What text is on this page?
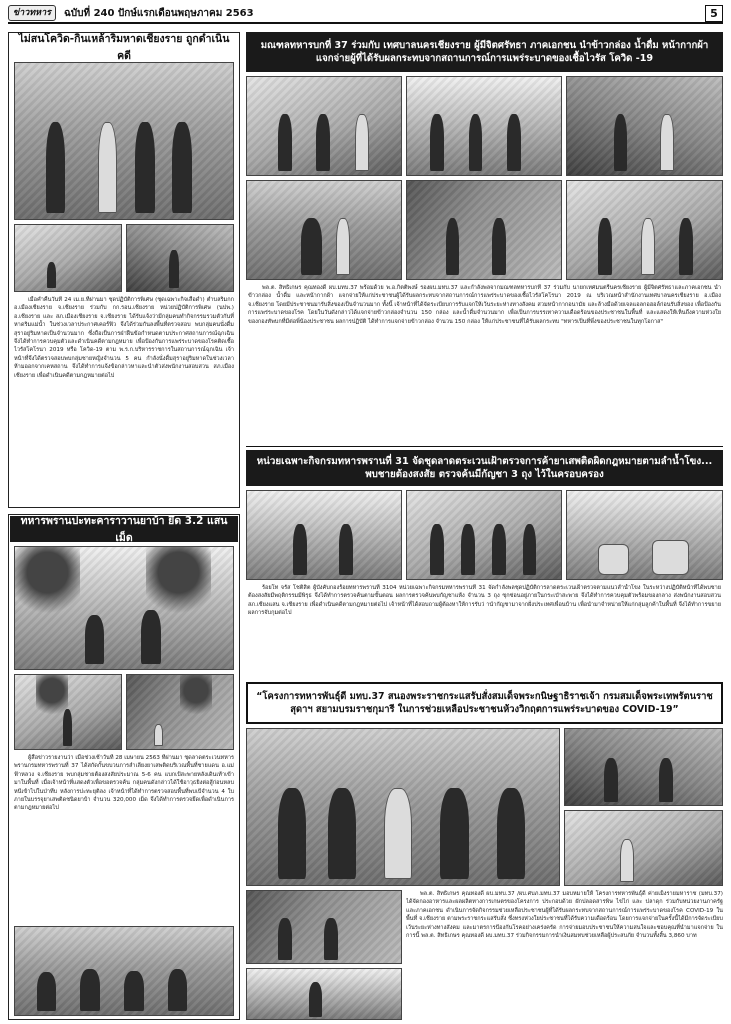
ข่าวทหาร	ฉบับที่ 240 ปักษ์แรกเดือนพฤษภาคม 2563	5
ไม่สนโควิด-กินเหล้าริมหาดเชียงราย ถูกดำเนินคดี

เมื่อคำคืนวันที่ 24 เม.ย.ที่ผ่านมา ชุดปฏิบัติการพิเศษ (ชุดเฉพาะกิจเสือดำ) ตำบลริมกก อ.เมืองเชียงราย จ.เชียงราย ร่วมกับ กก.รอน.เชียงราย หน่วยปฏิบัติการพิเศษ (นปพ.) อ.เชียงราย และ สภ.เมืองเชียงราย จ.เชียงราย ได้รับแจ้งว่ามีกลุ่มคนทำกิจกรรมรวมตัวกันที่หาดริมแม่น้ำ ในช่วงเวลาประกาศเคอร์ฟิว จึงได้ร่วมกันลงพื้นที่ตรวจสอบ พบกลุ่มคนนั่งดื่มสุราอยู่ริมหาดเป็นจำนวนมาก ซึ่งถือเป็นการฝ่าฝืนข้อกำหนดตามประกาศสถานการณ์ฉุกเฉิน จึงได้ทำการควบคุมตัวและดำเนินคดีตามกฎหมาย เพื่อป้องกันการแพร่ระบาดของโรคติดเชื้อไวรัสโคโรนา 2019 หรือ โควิด-19 ตาม พ.ร.ก.บริหารราชการในสถานการณ์ฉุกเฉิน เจ้าหน้าที่จึงได้ตรวจสอบพบกลุ่มชายหญิงจำนวน 5 คน กำลังนั่งดื่มสุราอยู่ริมหาดในช่วงเวลาห้ามออกจากเคหสถาน จึงได้ทำการแจ้งข้อกล่าวหาและนำตัวส่งพนักงานสอบสวน สภ.เมืองเชียงราย เพื่อดำเนินคดีตามกฎหมายต่อไป

ทหารพรานปะทะคาราวานยาบ้า ยึด 3.2 แสนเม็ด

ผู้สื่อข่าวรายงานว่า เมื่อช่วงเช้าวันที่ 28 เมษายน 2563 ที่ผ่านมา ชุดลาดตระเวนทหารพรานกรมทหารพรานที่ 37 ได้สกัดกั้นขบวนการลำเลียงยาเสพติดบริเวณพื้นที่ชายแดน อ.แม่ฟ้าหลวง จ.เชียงราย พบกลุ่มชายต้องสงสัยประมาณ 5-6 คน แบกเป้สะพายหลังเดินเท้าเข้ามาในพื้นที่ เมื่อเจ้าหน้าที่แสดงตัวเพื่อขอตรวจค้น กลุ่มคนดังกล่าวได้ใช้อาวุธยิงต่อสู้ก่อนหลบหนีเข้าไปในป่าทึบ หลังการปะทะยุติลง เจ้าหน้าที่ได้ทำการตรวจสอบพื้นที่พบเป้จำนวน 4 ใบ ภายในบรรจุยาเสพติดชนิดยาบ้า จำนวน 320,000 เม็ด จึงได้ทำการตรวจยึดเพื่อดำเนินการตามกฎหมายต่อไป

มณฑลทหารบกที่ 37 ร่วมกับ เทศบาลนครเชียงราย ผู้มีจิตศรัทธา ภาคเอกชน นำข้าวกล่อง น้ำดื่ม หน้ากากผ้า แจกจ่ายผู้ที่ได้รับผลกระทบจากสถานการณ์การแพร่ระบาดของเชื้อไวรัส โควิด -19

พล.ต. สิทธิเกษร คุณทองดี ผบ.มทบ.37 พร้อมด้วย พ.อ.กิตติพงษ์ รองผบ.มทบ.37 และกำลังพลจากมณฑลทหารบกที่ 37 ร่วมกับ นายกเทศมนตรีนครเชียงราย ผู้มีจิตศรัทธาและภาคเอกชน นำข้าวกล่อง น้ำดื่ม และหน้ากากผ้า แจกจ่ายให้แก่ประชาชนผู้ได้รับผลกระทบจากสถานการณ์การแพร่ระบาดของเชื้อไวรัสโคโรนา 2019 ณ บริเวณหน้าสำนักงานเทศบาลนครเชียงราย อ.เมือง จ.เชียงราย โดยมีประชาชนมารับสิ่งของเป็นจำนวนมาก ทั้งนี้ เจ้าหน้าที่ได้จัดระเบียบการรับแจกให้เว้นระยะห่างทางสังคม สวมหน้ากากอนามัย และล้างมือด้วยเจลแอลกอฮอล์ก่อนรับสิ่งของ เพื่อป้องกันการแพร่ระบาดของโรค โดยในวันดังกล่าวได้แจกจ่ายข้าวกล่องจำนวน 150 กล่อง และน้ำดื่มจำนวนมาก เพื่อเป็นการบรรเทาความเดือดร้อนของประชาชนในพื้นที่ และแสดงให้เห็นถึงความห่วงใยของกองทัพบกที่มีต่อพี่น้องประชาชน ผลการปฏิบัติ ได้ทำการแจกจ่ายข้าวกล่อง จำนวน 150 กล่อง ให้แก่ประชาชนที่ได้รับผลกระทบ "ทหารเป็นที่พึ่งของประชาชนในทุกโอกาส"

หน่วยเฉพาะกิจกรมทหารพรานที่ 31 จัดชุดลาดตระเวนเฝ้าตรวจการค้ายาเสพติดผิดกฎหมายตามลำน้ำโขง... พบชายต้องสงสัย ตรวจค้นมีกัญชา 3 ถุง ไว้ในครอบครอง

ร้อยโท จรัส โชติสิต ผู้บังคับกองร้อยทหารพรานที่ 3104 หน่วยเฉพาะกิจกรมทหารพรานที่ 31 จัดกำลังพลชุดปฏิบัติการลาดตระเวนเฝ้าตรวจตามแนวลำน้ำโขง ในระหว่างปฏิบัติหน้าที่ได้พบชายต้องสงสัยมีพฤติกรรมมีพิรุธ จึงได้ทำการตรวจค้นตามขั้นตอน ผลการตรวจค้นพบกัญชาแห้ง จำนวน 3 ถุง ซุกซ่อนอยู่ภายในกระเป๋าสะพาย จึงได้ทำการควบคุมตัวพร้อมของกลาง ส่งพนักงานสอบสวน สภ.เชียงแสน จ.เชียงราย เพื่อดำเนินคดีตามกฎหมายต่อไป เจ้าหน้าที่ได้สอบถามผู้ต้องหาให้การรับว่ านำกัญชามาจากฝั่งประเทศเพื่อนบ้าน เพื่อนำมาจำหน่ายให้แก่กลุ่มลูกค้าในพื้นที่ จึงได้ทำการขยายผลการจับกุมต่อไป

“โครงการทหารพันธุ์ดี มทบ.37 สนองพระราชกระแสรับสั่งสมเด็จพระกนิษฐาธิราชเจ้า กรมสมเด็จพระเทพรัตนราชสุดาฯ สยามบรมราชกุมารี ในการช่วยเหลือประชาชนห้วงวิกฤตการแพร่ระบาดของ COVID-19”

พล.ต. สิทธิเกษร คุณทองดี ผบ.มทบ.37 /ผบ.ศบภ.มทบ.37 มอบหมายให้ โครงการทหารพันธุ์ดี ค่ายเม็งรายมหาราช (มทบ.37) ได้จัดกองอาหารและผลผลิตทางการเกษตรของโครงการ ประกอบด้วย ผักปลอดสารพิษ ไข่ไก่ และ ปลาดุก ร่วมกับหน่วยงานภาครัฐและภาคเอกชน ดำเนินการจัดกิจกรรมช่วยเหลือประชาชนผู้ที่ได้รับผลกระทบจากสถานการณ์การแพร่ระบาดของโรค COVID-19 ในพื้นที่ จ.เชียงราย ตามพระราชกระแสรับสั่ง ซึ่งทรงห่วงใยประชาชนที่ได้รับความเดือดร้อน โดยการแจกจ่ายในครั้งนี้ได้มีการจัดระเบียบเว้นระยะห่างทางสังคม และมาตรการป้องกันโรคอย่างเคร่งครัด การจ่ายมอบประชาชนให้ความสนใจและชอบคุณที่นำมาแจกจ่าย ในการนี้ พล.ต. สิทธิเกษร คุณทองดี ผบ.มทบ.37 ร่วมกิจกรรมการนำเงินสมทบช่วยเหลือผู้ประสบภัย จำนวนทั้งสิ้น 3,860 บาท
